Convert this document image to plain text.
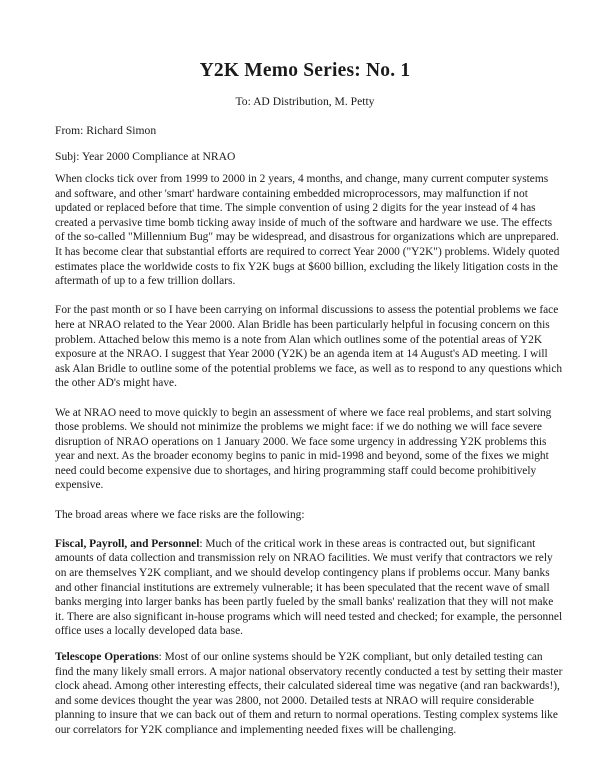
Y2K Memo Series: No. 1
To: AD Distribution, M. Petty
From: Richard Simon
Subj: Year 2000 Compliance at NRAO

When clocks tick over from 1999 to 2000 in 2 years, 4 months, and change, many current computer systems and software, and other 'smart' hardware containing embedded microprocessors, may malfunction if not updated or replaced before that time. The simple convention of using 2 digits for the year instead of 4 has created a pervasive time bomb ticking away inside of much of the software and hardware we use. The effects of the so-called "Millennium Bug" may be widespread, and disastrous for organizations which are unprepared. It has become clear that substantial efforts are required to correct Year 2000 ("Y2K") problems. Widely quoted estimates place the worldwide costs to fix Y2K bugs at $600 billion, excluding the likely litigation costs in the aftermath of up to a few trillion dollars.

For the past month or so I have been carrying on informal discussions to assess the potential problems we face here at NRAO related to the Year 2000. Alan Bridle has been particularly helpful in focusing concern on this problem. Attached below this memo is a note from Alan which outlines some of the potential areas of Y2K exposure at the NRAO. I suggest that Year 2000 (Y2K) be an agenda item at 14 August's AD meeting. I will ask Alan Bridle to outline some of the potential problems we face, as well as to respond to any questions which the other AD's might have.

We at NRAO need to move quickly to begin an assessment of where we face real problems, and start solving those problems. We should not minimize the problems we might face: if we do nothing we will face severe disruption of NRAO operations on 1 January 2000. We face some urgency in addressing Y2K problems this year and next. As the broader economy begins to panic in mid-1998 and beyond, some of the fixes we might need could become expensive due to shortages, and hiring programming staff could become prohibitively expensive.

The broad areas where we face risks are the following:

Fiscal, Payroll, and Personnel: Much of the critical work in these areas is contracted out, but significant amounts of data collection and transmission rely on NRAO facilities. We must verify that contractors we rely on are themselves Y2K compliant, and we should develop contingency plans if problems occur. Many banks and other financial institutions are extremely vulnerable; it has been speculated that the recent wave of small banks merging into larger banks has been partly fueled by the small banks' realization that they will not make it. There are also significant in-house programs which will need tested and checked; for example, the personnel office uses a locally developed data base.

Telescope Operations: Most of our online systems should be Y2K compliant, but only detailed testing can find the many likely small errors. A major national observatory recently conducted a test by setting their master clock ahead. Among other interesting effects, their calculated sidereal time was negative (and ran backwards!), and some devices thought the year was 2800, not 2000. Detailed tests at NRAO will require considerable planning to insure that we can back out of them and return to normal operations. Testing complex systems like our correlators for Y2K compliance and implementing needed fixes will be challenging.
